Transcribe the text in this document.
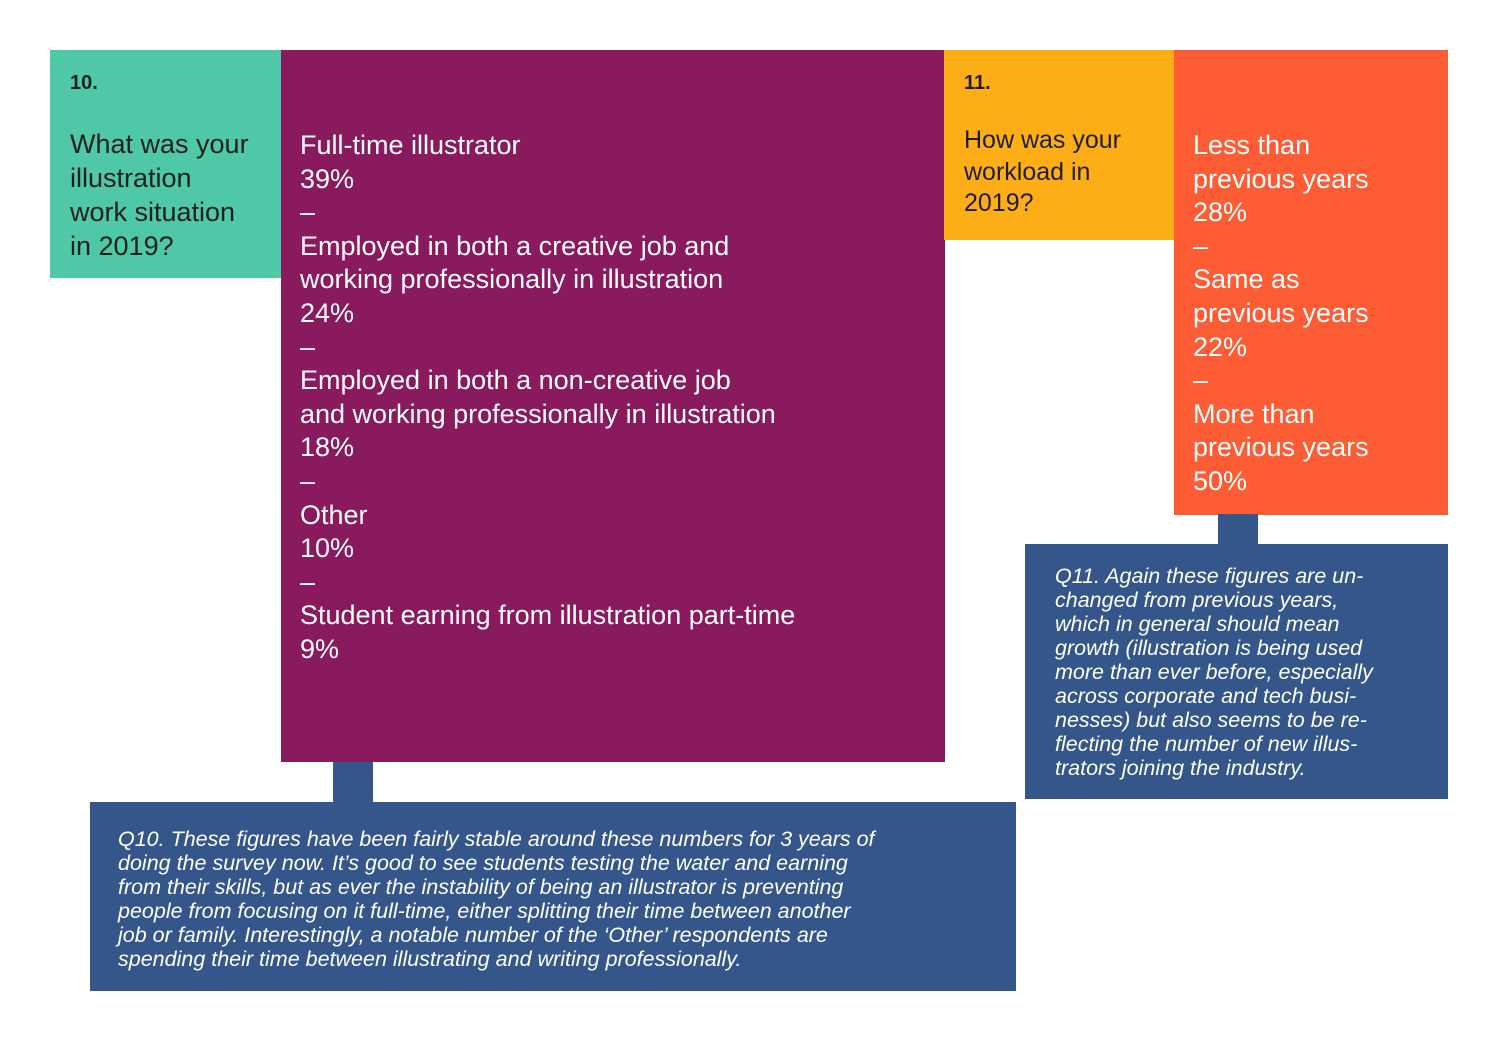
10.
What was your
illustration
work situation
in 2019?
Full-time illustrator
39%
–
Employed in both a creative job and
working professionally in illustration
24%
–
Employed in both a non-creative job
and working professionally in illustration
18%
–
Other
10%
–
Student earning from illustration part-time
9%
Q10. These figures have been fairly stable around these numbers for 3 years of
doing the survey now. It’s good to see students testing the water and earning
from their skills, but as ever the instability of being an illustrator is preventing
people from focusing on it full-time, either splitting their time between another
job or family. Interestingly, a notable number of the ‘Other’ respondents are
spending their time between illustrating and writing professionally.
11.
How was your
workload in
2019?
Less than
previous years
28%
–
Same as
previous years
22%
–
More than
previous years
50%
Q11. Again these figures are un-
changed from previous years,
which in general should mean
growth (illustration is being used
more than ever before, especially
across corporate and tech busi-
nesses) but also seems to be re-
flecting the number of new illus-
trators joining the industry.
